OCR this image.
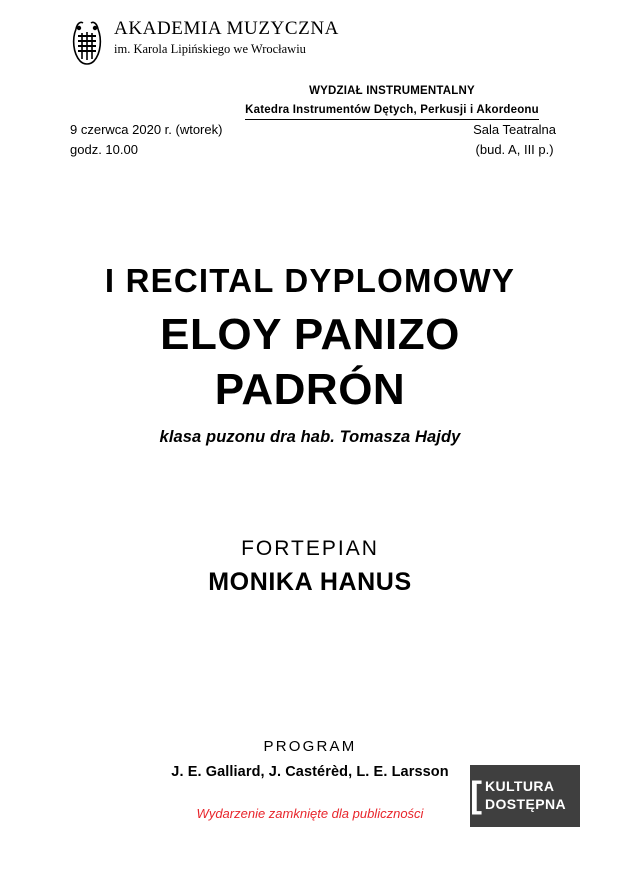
AKADEMIA MUZYCZNA
im. Karola Lipińskiego we Wrocławiu
WYDZIAŁ INSTRUMENTALNY
Katedra Instrumentów Dętych, Perkusji i Akordeonu
9 czerwca 2020 r. (wtorek)
godz. 10.00
Sala Teatralna
(bud. A, III p.)
I RECITAL DYPLOMOWY
ELOY PANIZO
PADRÓN
klasa puzonu dra hab. Tomasza Hajdy
FORTEPIAN
MONIKA HANUS
PROGRAM
J. E. Galliard, J. Castérèd, L. E. Larsson
Wydarzenie zamknięte dla publiczności	[ KULTURA DOSTĘPNA
